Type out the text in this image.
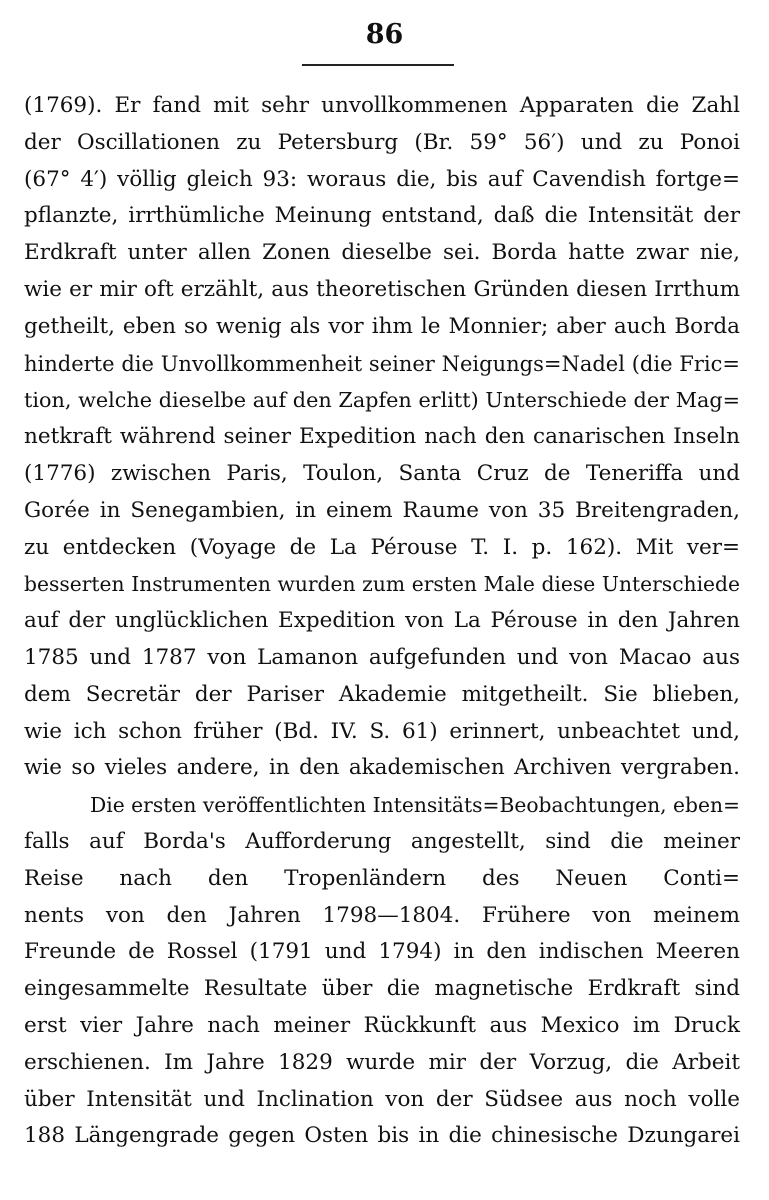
86
(1769). Er fand mit sehr unvollkommenen Apparaten die Zahl
der Oscillationen zu Petersburg (Br. 59° 56′) und zu Ponoi
(67° 4′) völlig gleich 93: woraus die, bis auf Cavendish fortge=
pflanzte, irrthümliche Meinung entstand, daß die Intensität der
Erdkraft unter allen Zonen dieselbe sei. Borda hatte zwar nie,
wie er mir oft erzählt, aus theoretischen Gründen diesen Irrthum
getheilt, eben so wenig als vor ihm le Monnier; aber auch Borda
hinderte die Unvollkommenheit seiner Neigungs=Nadel (die Fric=
tion, welche dieselbe auf den Zapfen erlitt) Unterschiede der Mag=
netkraft während seiner Expedition nach den canarischen Inseln
(1776) zwischen Paris, Toulon, Santa Cruz de Teneriffa und
Gorée in Senegambien, in einem Raume von 35 Breitengraden,
zu entdecken (Voyage de La Pérouse T. I. p. 162). Mit ver=
besserten Instrumenten wurden zum ersten Male diese Unterschiede
auf der unglücklichen Expedition von La Pérouse in den Jahren
1785 und 1787 von Lamanon aufgefunden und von Macao aus
dem Secretär der Pariser Akademie mitgetheilt. Sie blieben,
wie ich schon früher (Bd. IV. S. 61) erinnert, unbeachtet und,
wie so vieles andere, in den akademischen Archiven vergraben.
Die ersten veröffentlichten Intensitäts=Beobachtungen, eben=
falls auf Borda's Aufforderung angestellt, sind die meiner
Reise nach den Tropenländern des Neuen Conti=
nents von den Jahren 1798—1804. Frühere von meinem
Freunde de Rossel (1791 und 1794) in den indischen Meeren
eingesammelte Resultate über die magnetische Erdkraft sind
erst vier Jahre nach meiner Rückkunft aus Mexico im Druck
erschienen. Im Jahre 1829 wurde mir der Vorzug, die Arbeit
über Intensität und Inclination von der Südsee aus noch volle
188 Längengrade gegen Osten bis in die chinesische Dzungarei
